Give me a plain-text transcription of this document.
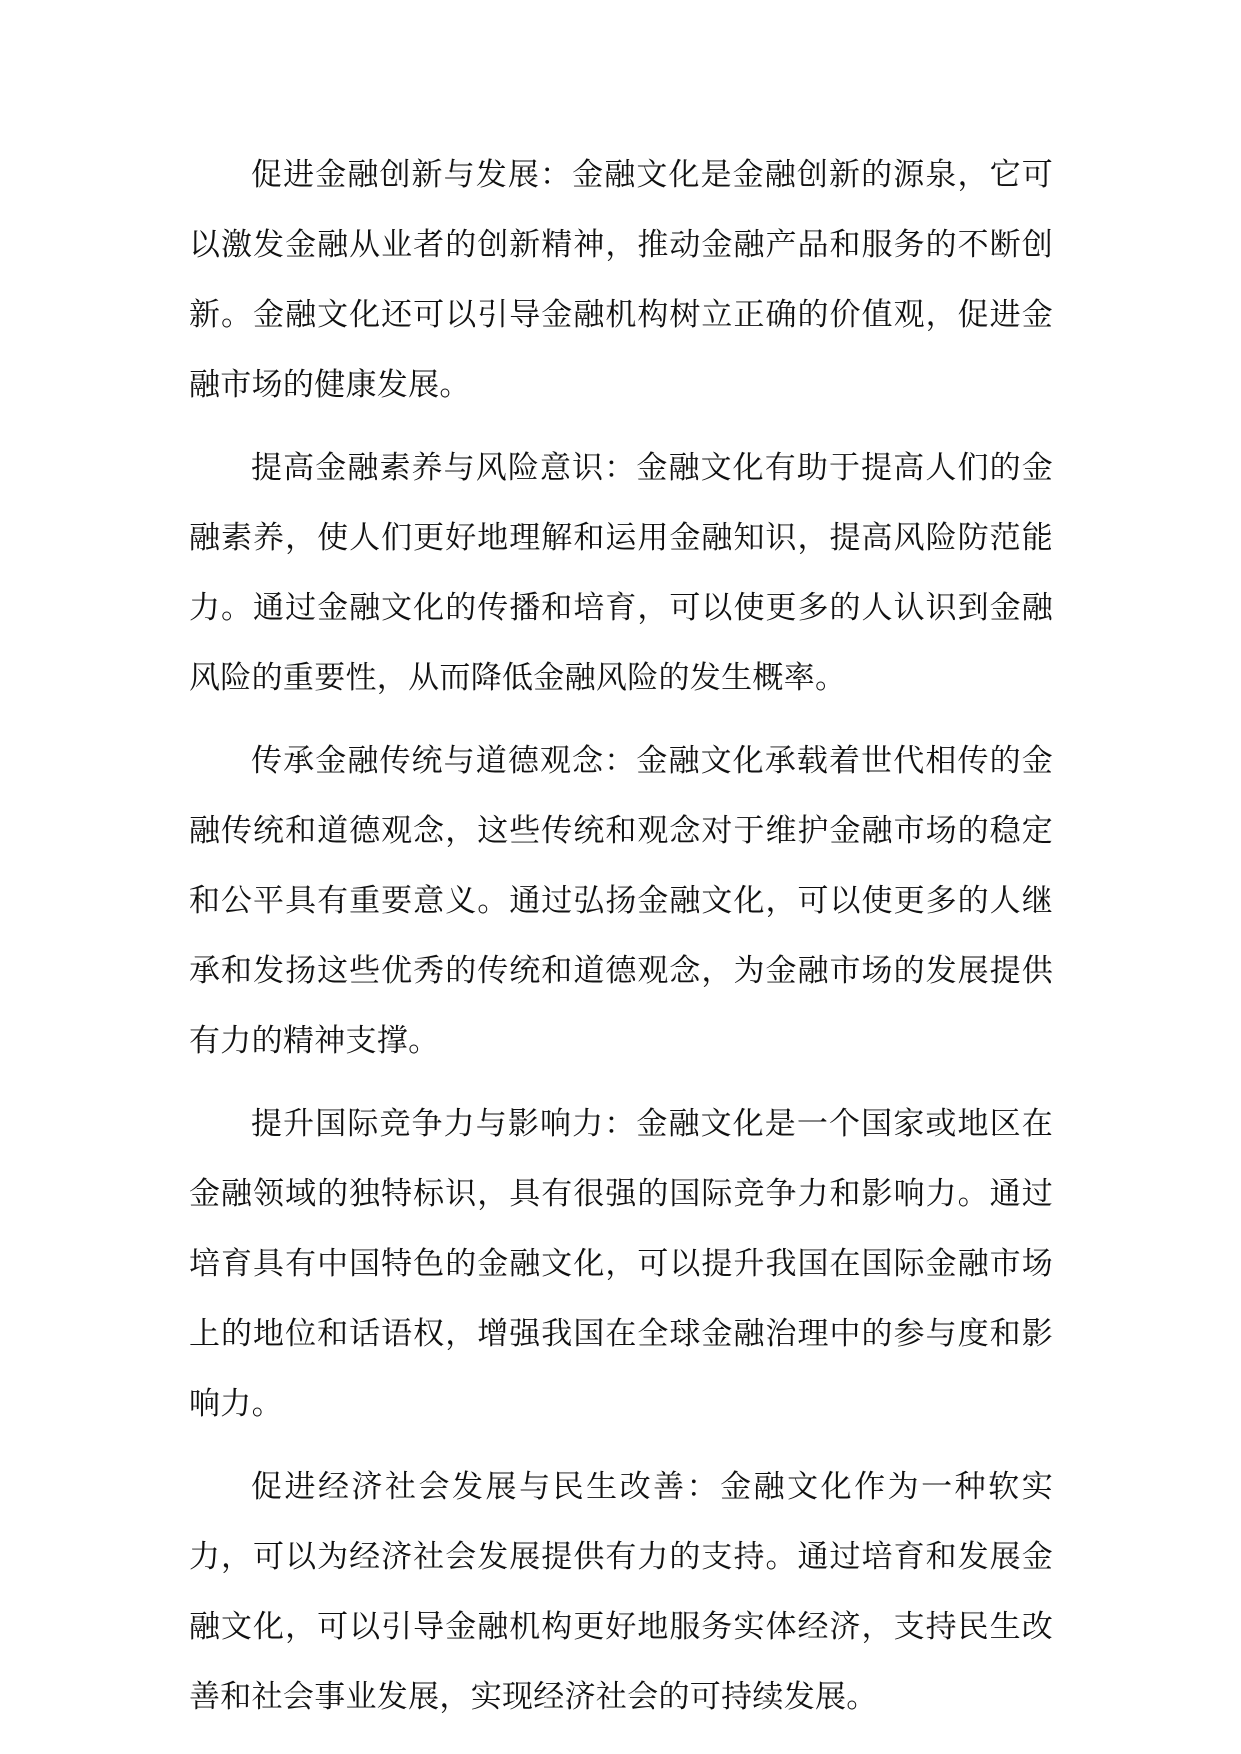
促进金融创新与发展：金融文化是金融创新的源泉，它可以激发金融从业者的创新精神，推动金融产品和服务的不断创新。金融文化还可以引导金融机构树立正确的价值观，促进金融市场的健康发展。

提高金融素养与风险意识：金融文化有助于提高人们的金融素养，使人们更好地理解和运用金融知识，提高风险防范能力。通过金融文化的传播和培育，可以使更多的人认识到金融风险的重要性，从而降低金融风险的发生概率。

传承金融传统与道德观念：金融文化承载着世代相传的金融传统和道德观念，这些传统和观念对于维护金融市场的稳定和公平具有重要意义。通过弘扬金融文化，可以使更多的人继承和发扬这些优秀的传统和道德观念，为金融市场的发展提供有力的精神支撑。

提升国际竞争力与影响力：金融文化是一个国家或地区在金融领域的独特标识，具有很强的国际竞争力和影响力。通过培育具有中国特色的金融文化，可以提升我国在国际金融市场上的地位和话语权，增强我国在全球金融治理中的参与度和影响力。

促进经济社会发展与民生改善：金融文化作为一种软实力，可以为经济社会发展提供有力的支持。通过培育和发展金融文化，可以引导金融机构更好地服务实体经济，支持民生改善和社会事业发展，实现经济社会的可持续发展。
